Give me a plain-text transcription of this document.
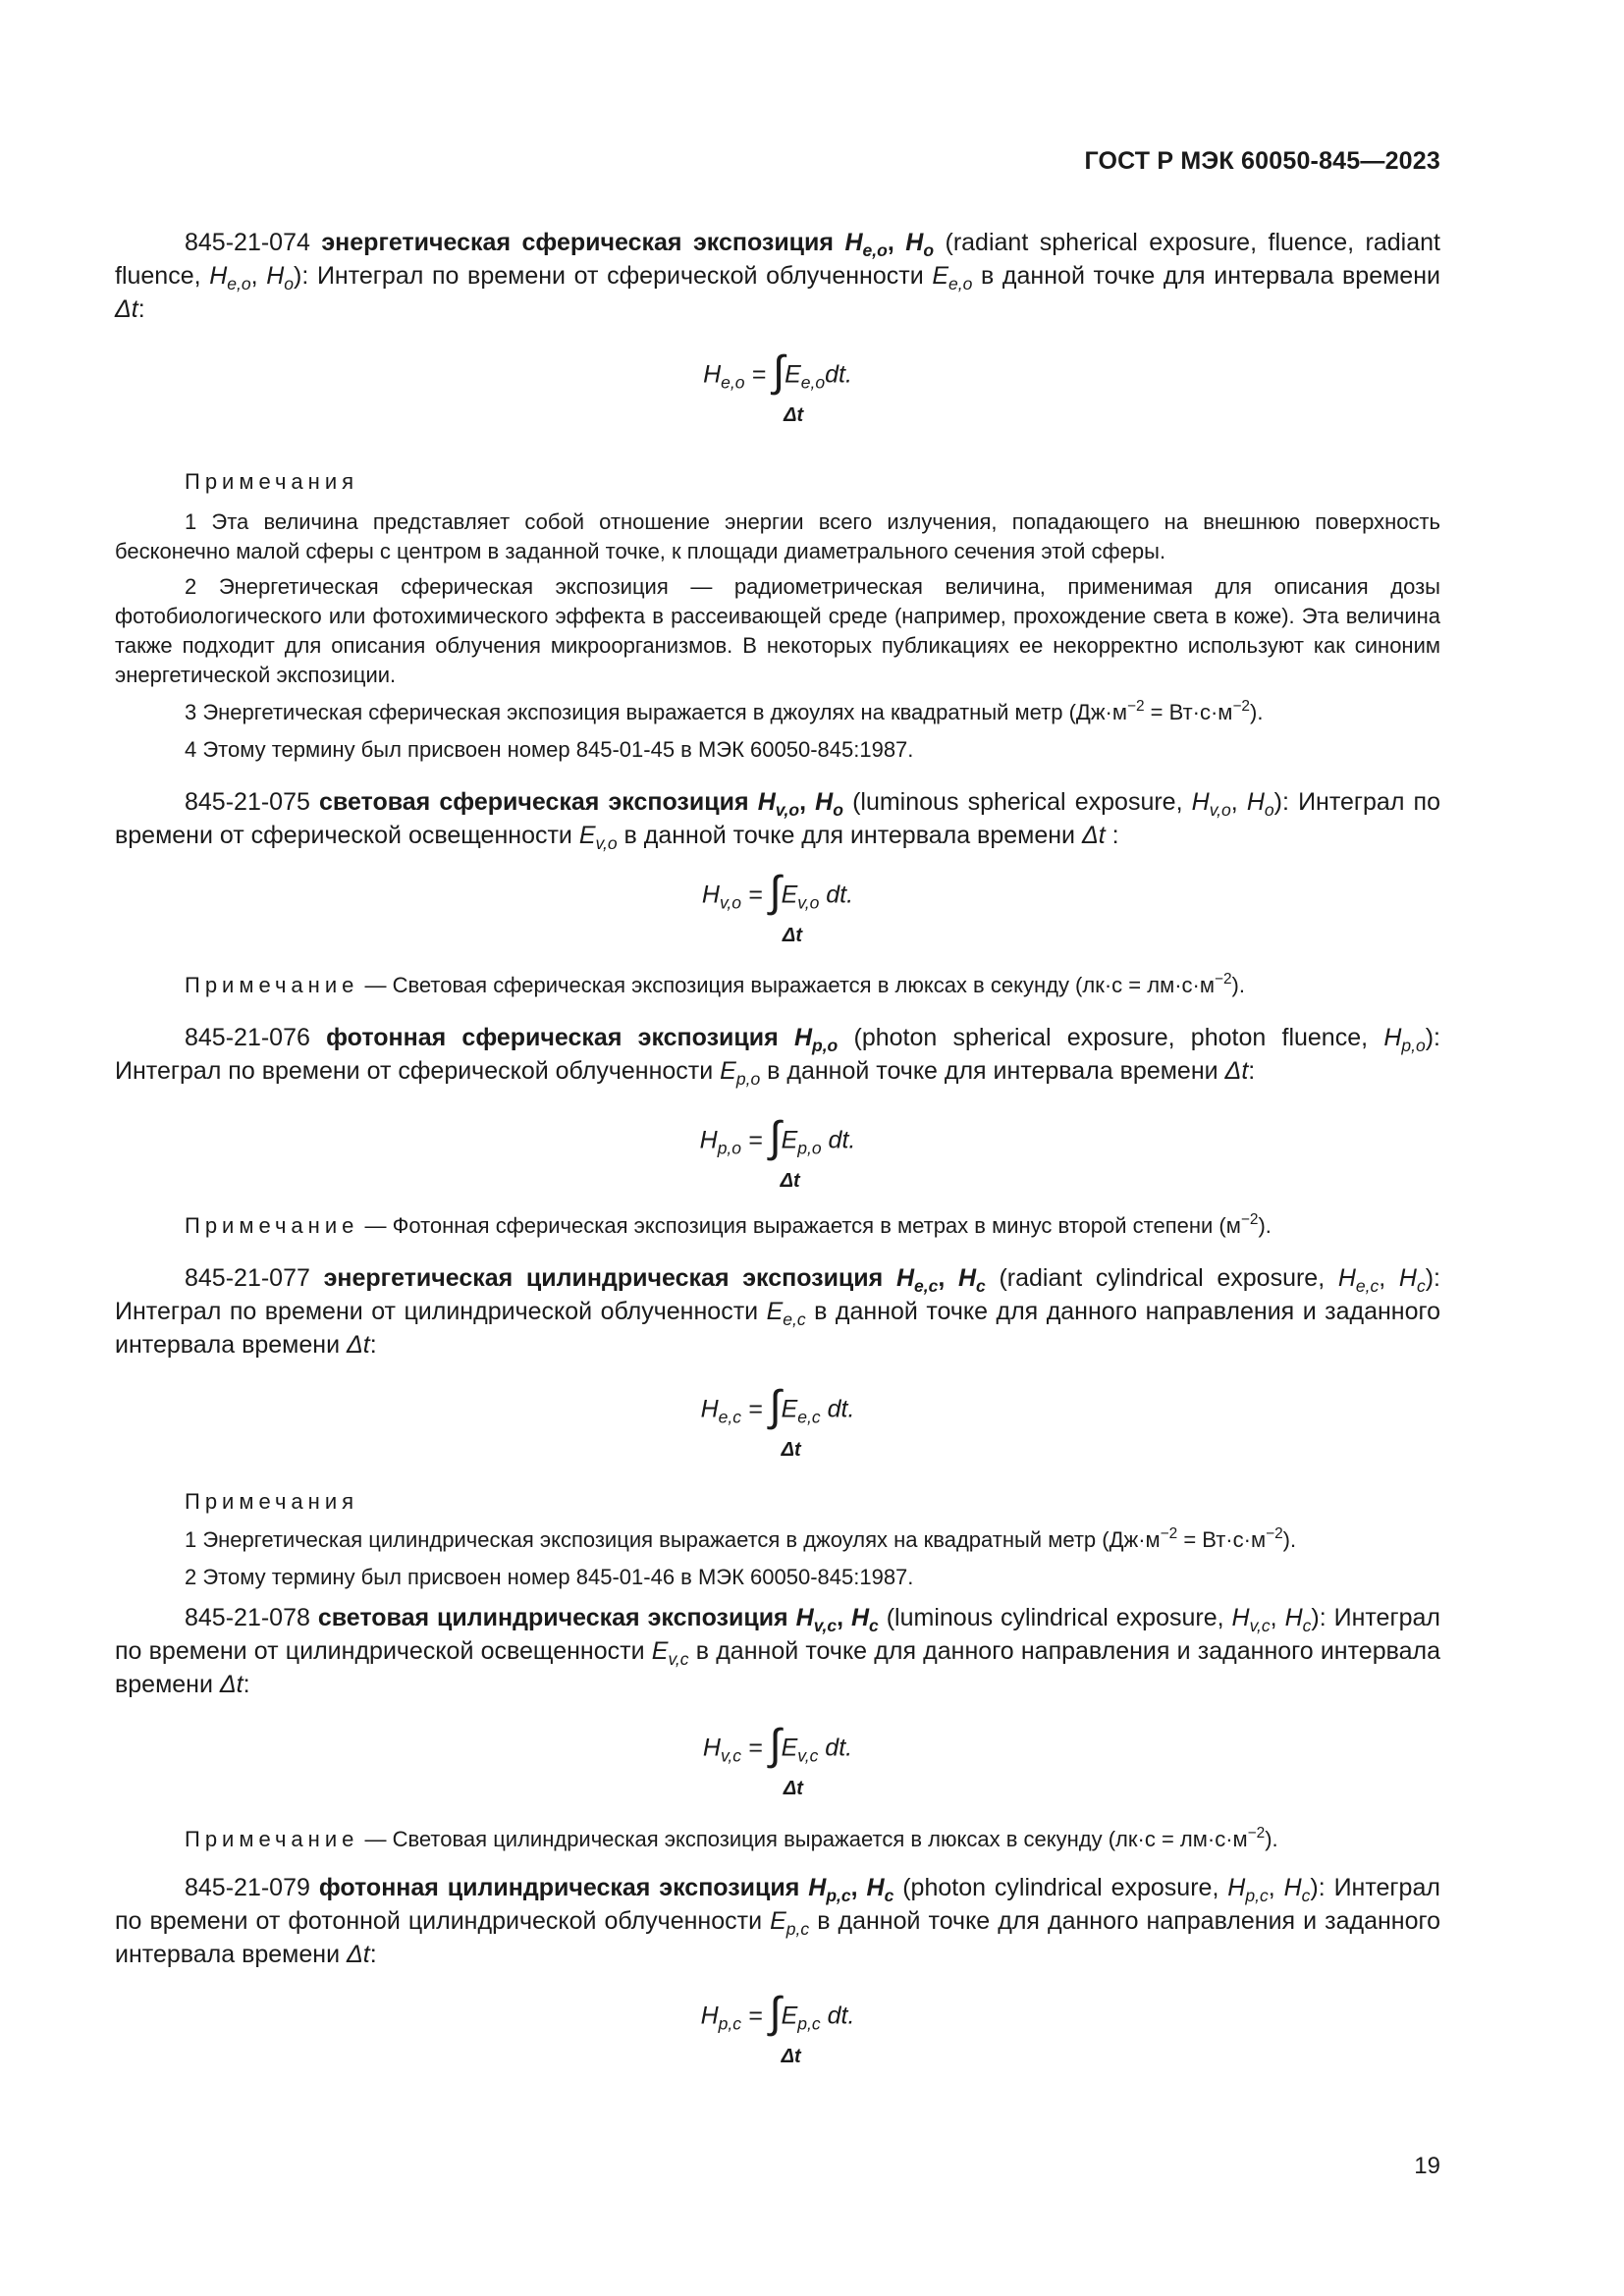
ГОСТ Р МЭК 60050-845—2023
845-21-074 энергетическая сферическая экспозиция $H_{e,o}$, $H_o$ (radiant spherical exposure, fluence, radiant fluence, $H_{e,o}$, $H_o$): Интеграл по времени от сферической облученности $E_{e,o}$ в данной точке для интервала времени Δt:
$H_{e,o} = \int E_{e,o}dt$.
Δt
Примечания
1 Эта величина представляет собой отношение энергии всего излучения, попадающего на внешнюю поверхность бесконечно малой сферы с центром в заданной точке, к площади диаметрального сечения этой сферы.
2 Энергетическая сферическая экспозиция — радиометрическая величина, применимая для описания дозы фотобиологического или фотохимического эффекта в рассеивающей среде (например, прохождение света в коже). Эта величина также подходит для описания облучения микроорганизмов. В некоторых публикациях ее некорректно используют как синоним энергетической экспозиции.
3 Энергетическая сферическая экспозиция выражается в джоулях на квадратный метр $(Дж\cdot м^{-2} = Вт\cdot с\cdot м^{-2})$.
4 Этому термину был присвоен номер 845-01-45 в МЭК 60050-845:1987.
845-21-075 световая сферическая экспозиция $H_{v,o}$, $H_o$ (luminous spherical exposure, $H_{v,o}$, $H_o$): Интеграл по времени от сферической освещенности $E_{v,o}$ в данной точке для интервала времени Δt :
$H_{v,o} = \int E_{v,o}$ dt.
Δt
Примечание — Световая сферическая экспозиция выражается в люксах в секунду $(лк\cdot с = лм\cdot с\cdot м^{-2})$.
845-21-076 фотонная сферическая экспозиция $H_{p,o}$ (photon spherical exposure, photon fluence, $H_{p,o}$): Интеграл по времени от сферической облученности $E_{p,o}$ в данной точке для интервала времени Δt:
$H_{p,o} = \int E_{p,o}$ dt.
Δt
Примечание — Фотонная сферическая экспозиция выражается в метрах в минус второй степени $(м^{-2})$.
845-21-077 энергетическая цилиндрическая экспозиция $H_{e,c}$, $H_c$ (radiant cylindrical exposure, $H_{e,c}$, $H_c$): Интеграл по времени от цилиндрической облученности $E_{e,c}$ в данной точке для данного направления и заданного интервала времени Δt:
$H_{e,c} = \int E_{e,c}$ dt.
Δt
Примечания
1 Энергетическая цилиндрическая экспозиция выражается в джоулях на квадратный метр $(Дж\cdot м^{-2} = Вт\cdot с\cdot м^{-2})$.
2 Этому термину был присвоен номер 845-01-46 в МЭК 60050-845:1987.
845-21-078 световая цилиндрическая экспозиция $H_{v,c}$, $H_c$ (luminous cylindrical exposure, $H_{v,c}$, $H_c$): Интеграл по времени от цилиндрической освещенности $E_{v,c}$ в данной точке для данного направления и заданного интервала времени Δt:
$H_{v,c} = \int E_{v,c}$ dt.
Δt
Примечание — Световая цилиндрическая экспозиция выражается в люксах в секунду $(лк\cdot с = лм\cdot с\cdot м^{-2})$.
845-21-079 фотонная цилиндрическая экспозиция $H_{p,c}$, $H_c$ (photon cylindrical exposure, $H_{p,c}$, $H_c$): Интеграл по времени от фотонной цилиндрической облученности $E_{p,c}$ в данной точке для данного направления и заданного интервала времени Δt:
$H_{p,c} = \int E_{p,c}$ dt.
Δt
19
